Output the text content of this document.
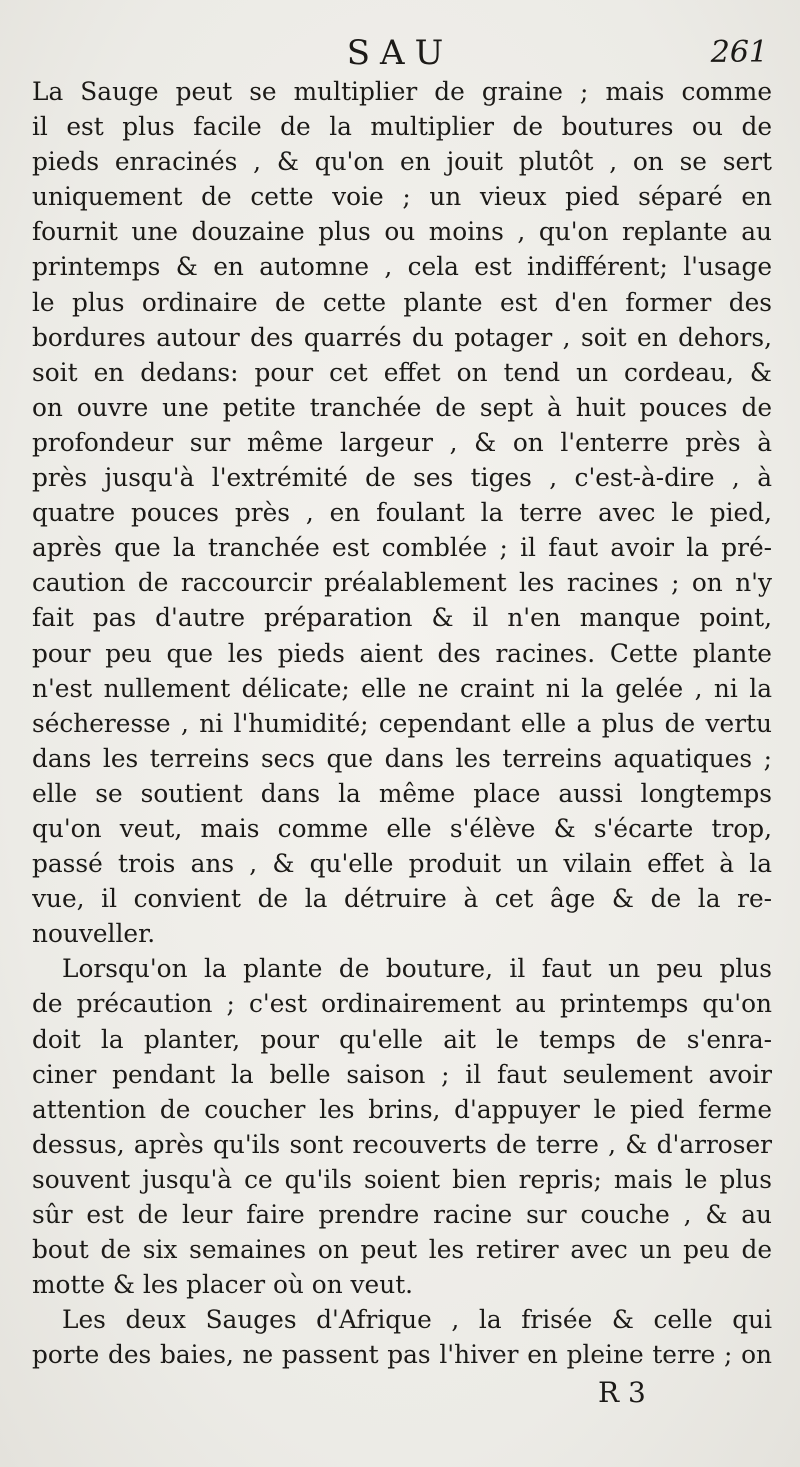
SAU	261
La Sauge peut se multiplier de graine ; mais comme
il est plus facile de la multiplier de boutures ou de
pieds enracinés , & qu'on en jouit plutôt , on se sert
uniquement de cette voie ; un vieux pied séparé en
fournit une douzaine plus ou moins , qu'on replante au
printemps & en automne , cela est indifférent; l'usage
le plus ordinaire de cette plante est d'en former des
bordures autour des quarrés du potager , soit en dehors,
soit en dedans: pour cet effet on tend un cordeau, &
on ouvre une petite tranchée de sept à huit pouces de
profondeur sur même largeur , & on l'enterre près à
près jusqu'à l'extrémité de ses tiges , c'est-à-dire , à
quatre pouces près , en foulant la terre avec le pied,
après que la tranchée est comblée ; il faut avoir la pré-
caution de raccourcir préalablement les racines ; on n'y
fait pas d'autre préparation & il n'en manque point,
pour peu que les pieds aient des racines. Cette plante
n'est nullement délicate; elle ne craint ni la gelée , ni la
sécheresse , ni l'humidité; cependant elle a plus de vertu
dans les terreins secs que dans les terreins aquatiques ;
elle se soutient dans la même place aussi longtemps
qu'on veut, mais comme elle s'élève & s'écarte trop,
passé trois ans , & qu'elle produit un vilain effet à la
vue, il convient de la détruire à cet âge & de la re-
nouveller.
Lorsqu'on la plante de bouture, il faut un peu plus
de précaution ; c'est ordinairement au printemps qu'on
doit la planter, pour qu'elle ait le temps de s'enra-
ciner pendant la belle saison ; il faut seulement avoir
attention de coucher les brins, d'appuyer le pied ferme
dessus, après qu'ils sont recouverts de terre , & d'arroser
souvent jusqu'à ce qu'ils soient bien repris; mais le plus
sûr est de leur faire prendre racine sur couche , & au
bout de six semaines on peut les retirer avec un peu de
motte & les placer où on veut.
Les deux Sauges d'Afrique , la frisée & celle qui
porte des baies, ne passent pas l'hiver en pleine terre ; on
R 3
